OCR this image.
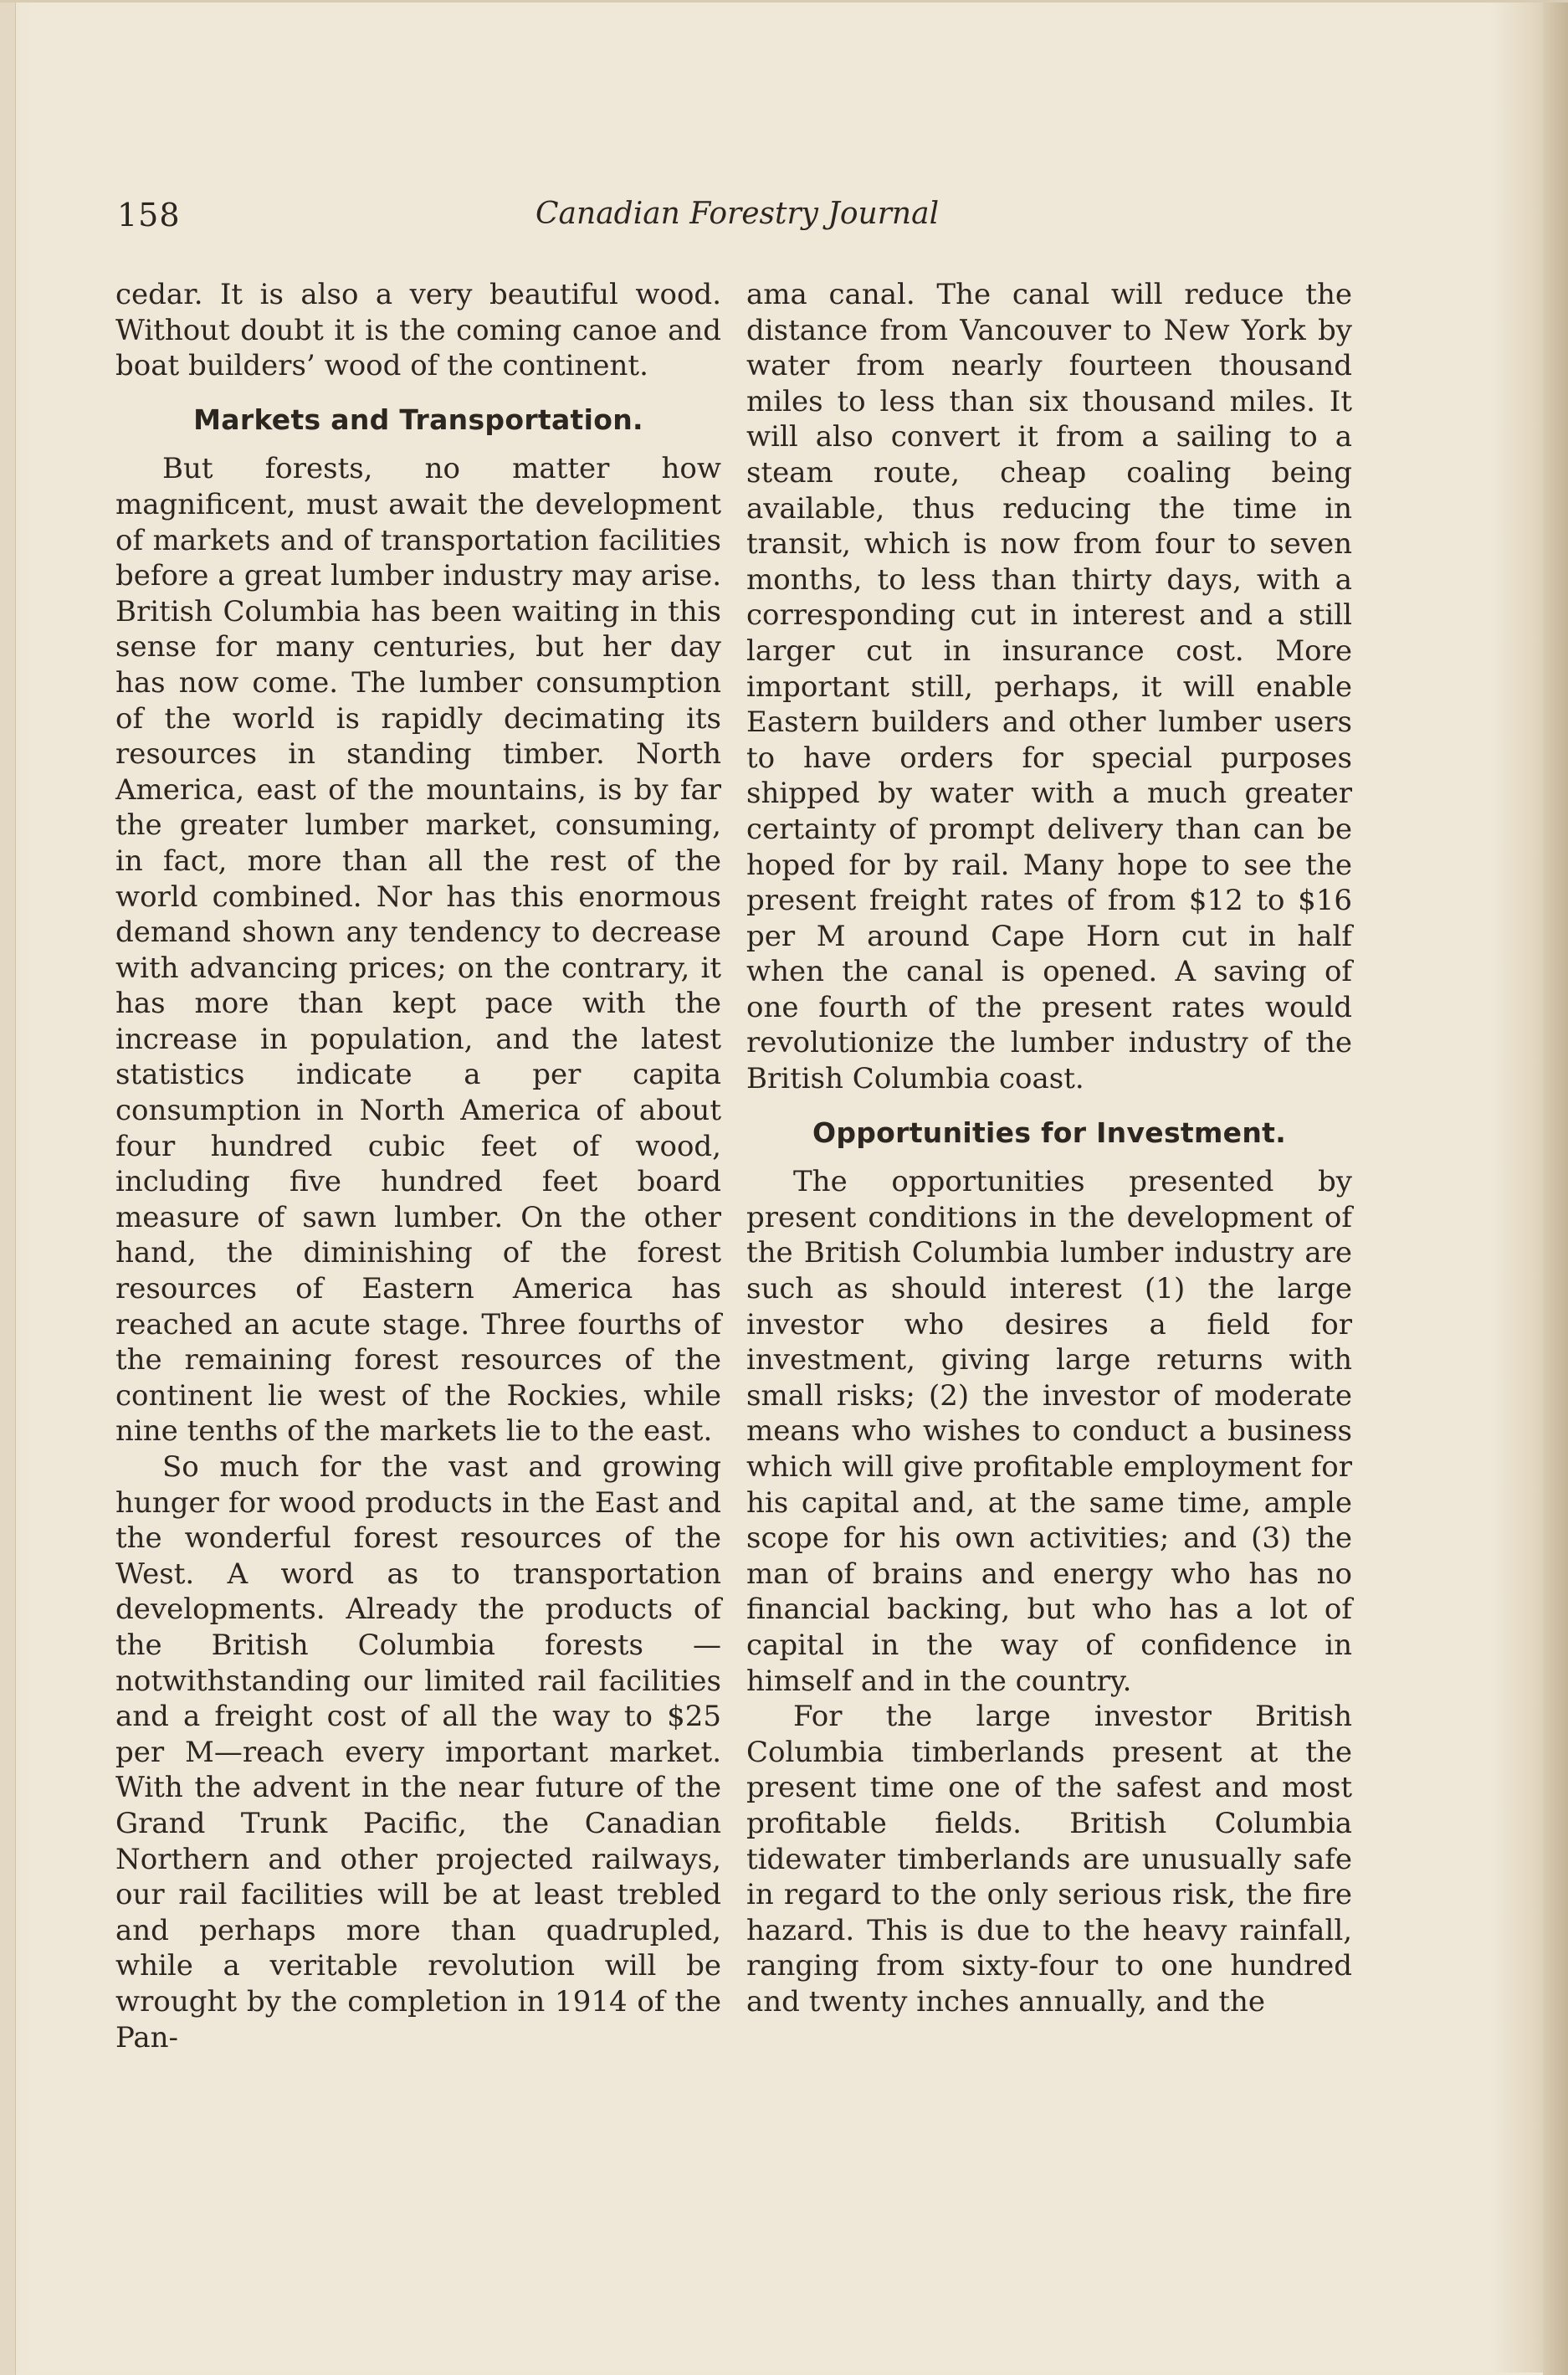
158	Canadian Forestry Journal

cedar. It is also a very beautiful wood. Without doubt it is the coming canoe and boat builders’ wood of the continent.

Markets and Transportation.

But forests, no matter how magnificent, must await the development of markets and of transportation facilities before a great lumber industry may arise. British Columbia has been waiting in this sense for many centuries, but her day has now come. The lumber consumption of the world is rapidly decimating its resources in standing timber. North America, east of the mountains, is by far the greater lumber market, consuming, in fact, more than all the rest of the world combined. Nor has this enormous demand shown any tendency to decrease with advancing prices; on the contrary, it has more than kept pace with the increase in population, and the latest statistics indicate a per capita consumption in North America of about four hundred cubic feet of wood, including five hundred feet board measure of sawn lumber. On the other hand, the diminishing of the forest resources of Eastern America has reached an acute stage. Three fourths of the remaining forest resources of the continent lie west of the Rockies, while nine tenths of the markets lie to the east.

So much for the vast and growing hunger for wood products in the East and the wonderful forest resources of the West. A word as to transportation developments. Already the products of the British Columbia forests — notwithstanding our limited rail facilities and a freight cost of all the way to $25 per M—reach every important market. With the advent in the near future of the Grand Trunk Pacific, the Canadian Northern and other projected railways, our rail facilities will be at least trebled and perhaps more than quadrupled, while a veritable revolution will be wrought by the completion in 1914 of the Pan-

ama canal. The canal will reduce the distance from Vancouver to New York by water from nearly fourteen thousand miles to less than six thousand miles. It will also convert it from a sailing to a steam route, cheap coaling being available, thus reducing the time in transit, which is now from four to seven months, to less than thirty days, with a corresponding cut in interest and a still larger cut in insurance cost. More important still, perhaps, it will enable Eastern builders and other lumber users to have orders for special purposes shipped by water with a much greater certainty of prompt delivery than can be hoped for by rail. Many hope to see the present freight rates of from $12 to $16 per M around Cape Horn cut in half when the canal is opened. A saving of one fourth of the present rates would revolutionize the lumber industry of the British Columbia coast.

Opportunities for Investment.

The opportunities presented by present conditions in the development of the British Columbia lumber industry are such as should interest (1) the large investor who desires a field for investment, giving large returns with small risks; (2) the investor of moderate means who wishes to conduct a business which will give profitable employment for his capital and, at the same time, ample scope for his own activities; and (3) the man of brains and energy who has no financial backing, but who has a lot of capital in the way of confidence in himself and in the country.

For the large investor British Columbia timberlands present at the present time one of the safest and most profitable fields. British Columbia tidewater timberlands are unusually safe in regard to the only serious risk, the fire hazard. This is due to the heavy rainfall, ranging from sixty-four to one hundred and twenty inches annually, and the
